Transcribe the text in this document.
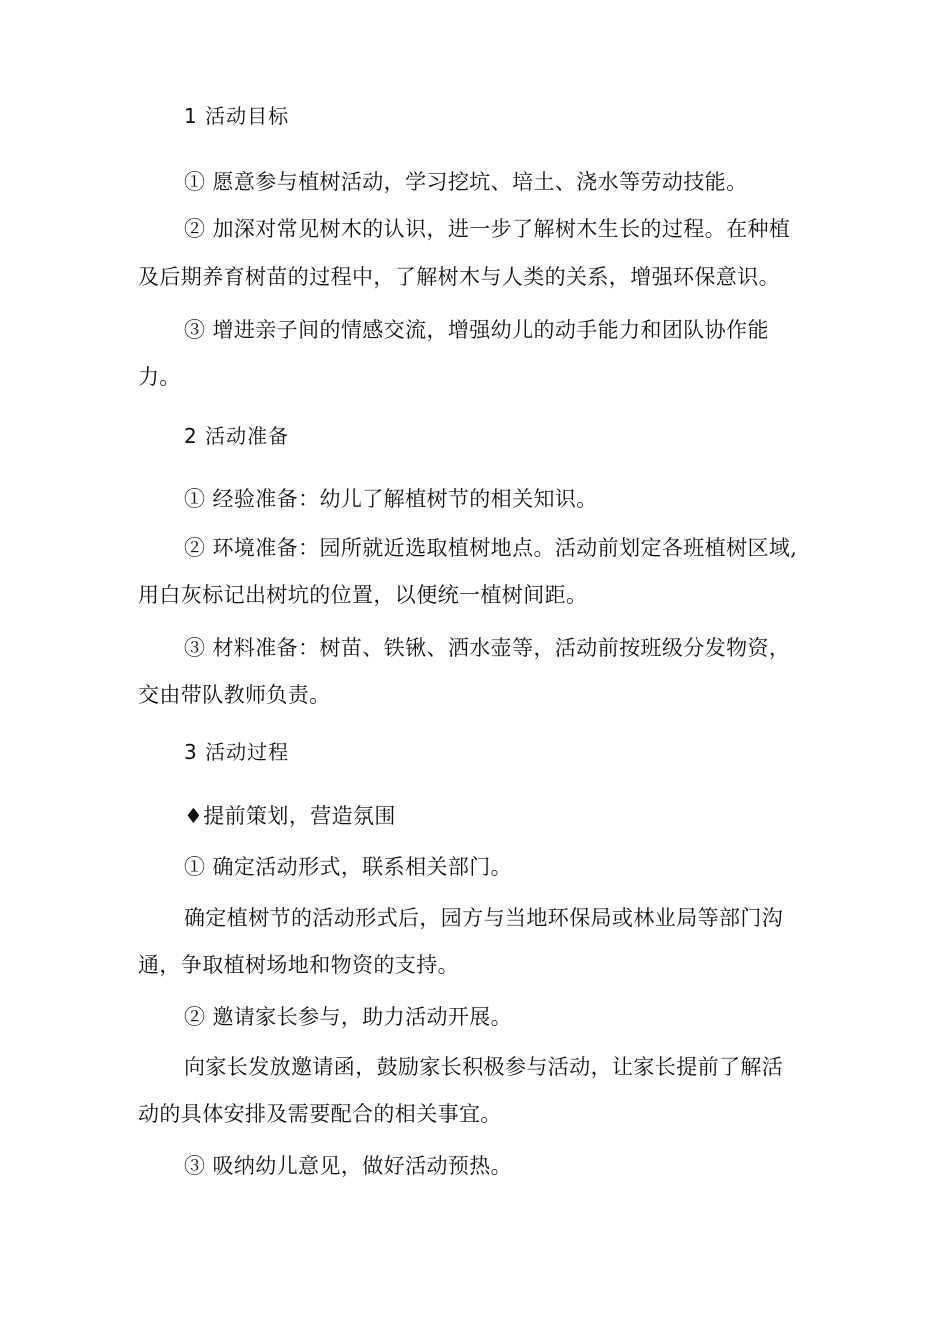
1 活动目标
① 愿意参与植树活动，学习挖坑、培土、浇水等劳动技能。
② 加深对常见树木的认识，进一步了解树木生长的过程。在种植
及后期养育树苗的过程中，了解树木与人类的关系，增强环保意识。
③ 增进亲子间的情感交流，增强幼儿的动手能力和团队协作能
力。
2 活动准备
① 经验准备：幼儿了解植树节的相关知识。
② 环境准备：园所就近选取植树地点。活动前划定各班植树区域,
用白灰标记出树坑的位置，以便统一植树间距。
③ 材料准备：树苗、铁锹、洒水壶等，活动前按班级分发物资，
交由带队教师负责。
3 活动过程
♦提前策划，营造氛围
① 确定活动形式，联系相关部门。
确定植树节的活动形式后，园方与当地环保局或林业局等部门沟
通，争取植树场地和物资的支持。
② 邀请家长参与，助力活动开展。
向家长发放邀请函，鼓励家长积极参与活动，让家长提前了解活
动的具体安排及需要配合的相关事宜。
③ 吸纳幼儿意见，做好活动预热。
